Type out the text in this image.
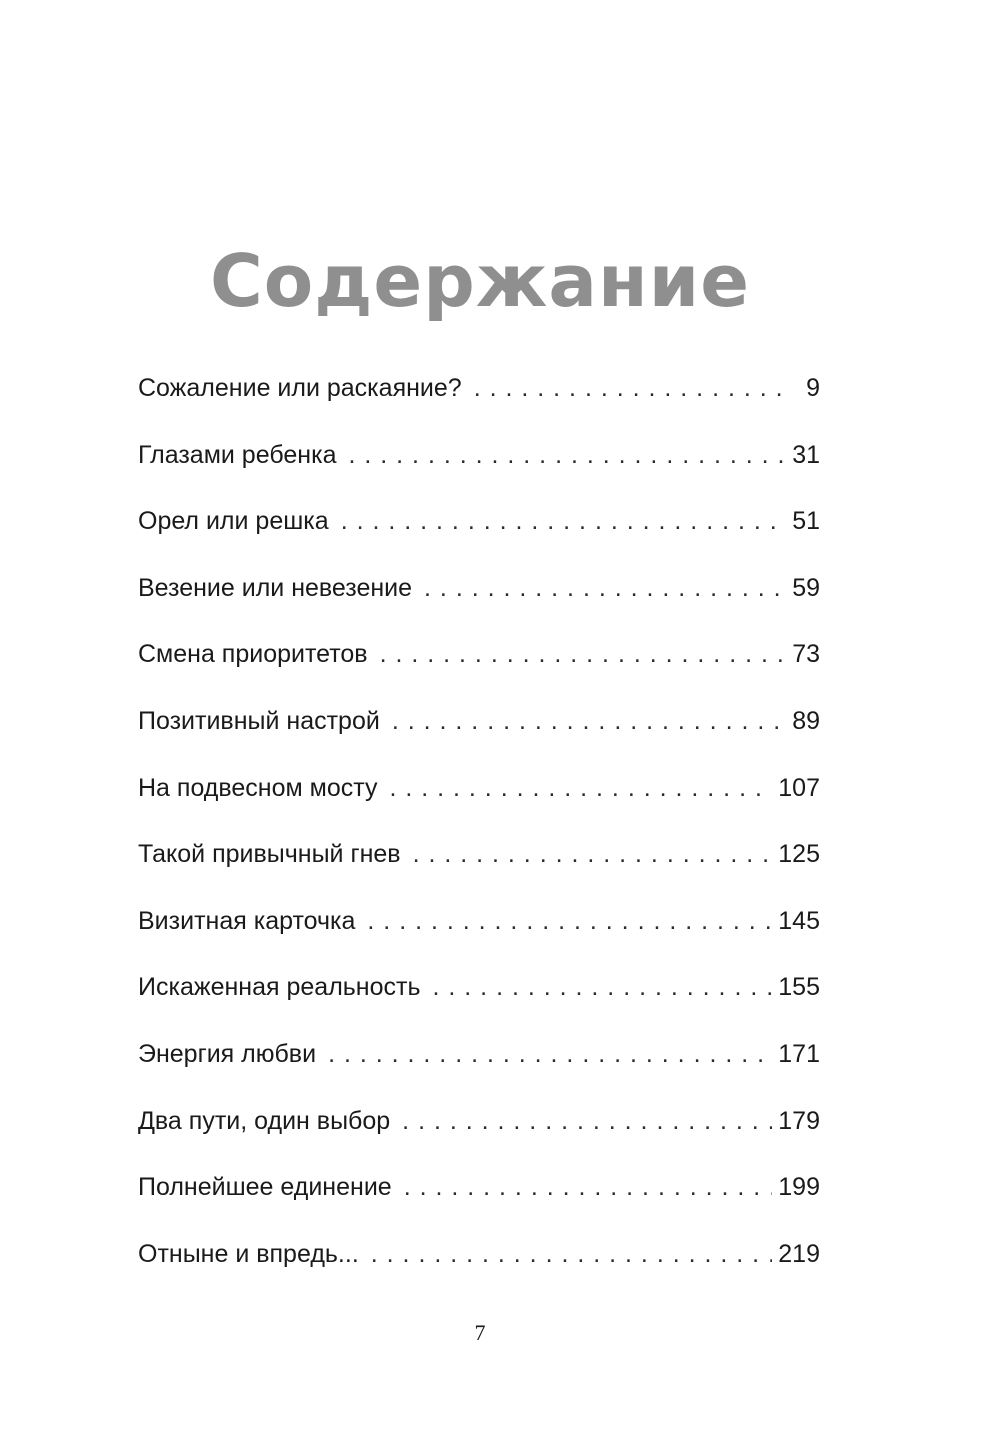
Содержание
Сожаление или раскаяние? . . .	9
Глазами ребенка . . .	31
Орел или решка . . .	51
Везение или невезение . . .	59
Смена приоритетов . . .	73
Позитивный настрой . . .	89
На подвесном мосту . . .	107
Такой привычный гнев . . .	125
Визитная карточка . . .	145
Искаженная реальность . . .	155
Энергия любви . . .	171
Два пути, один выбор . . .	179
Полнейшее единение . . .	199
Отныне и впредь... . . .	219
7
